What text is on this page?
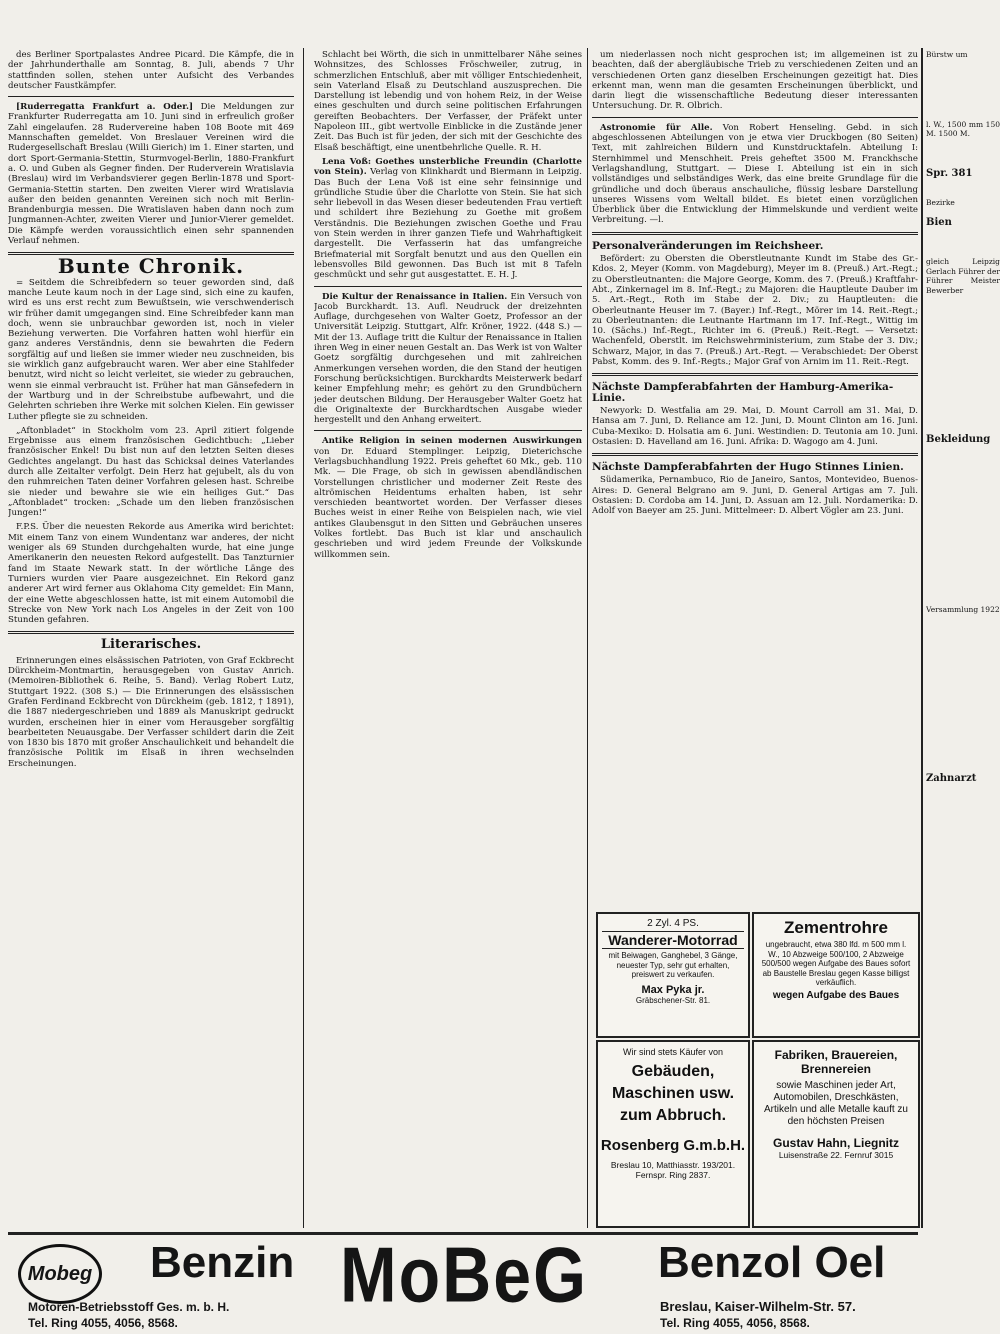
des Berliner Sportpalastes Andree Picard. Die Kämpfe, die in der Jahrhunderthalle am Sonntag, 8. Juli, abends 7 Uhr stattfinden sollen, stehen unter Aufsicht des Verbandes deutscher Faustkämpfer.

[Ruderregatta Frankfurt a. Oder.] Die Meldungen zur Frankfurter Ruderregatta am 10. Juni sind in erfreulich großer Zahl eingelaufen. 28 Rudervereine haben 108 Boote mit 469 Mannschaften gemeldet. Von Breslauer Vereinen wird die Rudergesellschaft Breslau (Willi Gierich) im 1. Einer starten, und dort Sport-Germania-Stettin, Sturmvogel-Berlin, 1880-Frankfurt a. O. und Guben als Gegner finden. Der Ruderverein Wratislavia (Breslau) wird im Verbandsvierer gegen Berlin-1878 und Sport-Germania-Stettin starten. Den zweiten Vierer wird Wratislavia außer den beiden genannten Vereinen sich noch mit Berlin-Brandenburgia messen. Die Wratislaven haben dann noch zum Jungmannen-Achter, zweiten Vierer und Junior-Vierer gemeldet. Die Kämpfe werden voraussichtlich einen sehr spannenden Verlauf nehmen.

Bunte Chronik.

= Seitdem die Schreibfedern so teuer geworden sind, daß manche Leute kaum noch in der Lage sind, sich eine zu kaufen, wird es uns erst recht zum Bewußtsein, wie verschwenderisch wir früher damit umgegangen sind. Eine Schreibfeder kann man doch, wenn sie unbrauchbar geworden ist, noch in vieler Beziehung verwerten. Die Vorfahren hatten wohl hierfür ein ganz anderes Verständnis, denn sie bewahrten die Federn sorgfältig auf und ließen sie immer wieder neu zuschneiden, bis sie wirklich ganz aufgebraucht waren. Wer aber eine Stahlfeder benutzt, wird nicht so leicht verleitet, sie wieder zu gebrauchen, wenn sie einmal verbraucht ist. Früher hat man Gänsefedern in der Wartburg und in der Schreibstube aufbewahrt, und die Gelehrten schrieben ihre Werke mit solchen Kielen. Ein gewisser Luther pflegte sie zu schneiden.

„Aftonbladet“ in Stockholm vom 23. April zitiert folgende Ergebnisse aus einem französischen Gedichtbuch: „Lieber französischer Enkel! Du bist nun auf den letzten Seiten dieses Gedichtes angelangt. Du hast das Schicksal deines Vaterlandes durch alle Zeitalter verfolgt. Dein Herz hat gejubelt, als du von den ruhmreichen Taten deiner Vorfahren gelesen hast. Schreibe sie nieder und bewahre sie wie ein heiliges Gut.“ Das „Aftonbladet“ trocken: „Schade um den lieben französischen Jungen!“

F.P.S. Über die neuesten Rekorde aus Amerika wird berichtet: Mit einem Tanz von einem Wundentanz war anderes, der nicht weniger als 69 Stunden durchgehalten wurde, hat eine junge Amerikanerin den neuesten Rekord aufgestellt. Das Tanzturnier fand im Staate Newark statt. In der wörtliche Länge des Turniers wurden vier Paare ausgezeichnet. Ein Rekord ganz anderer Art wird ferner aus Oklahoma City gemeldet: Ein Mann, der eine Wette abgeschlossen hatte, ist mit einem Automobil die Strecke von New York nach Los Angeles in der Zeit von 100 Stunden gefahren.

Literarisches.

Erinnerungen eines elsässischen Patrioten, von Graf Eckbrecht Dürckheim-Montmartin, herausgegeben von Gustav Anrich. (Memoiren-Bibliothek 6. Reihe, 5. Band). Verlag Robert Lutz, Stuttgart 1922. (308 S.) — Die Erinnerungen des elsässischen Grafen Ferdinand Eckbrecht von Dürckheim (geb. 1812, † 1891), die 1887 niedergeschrieben und 1889 als Manuskript gedruckt wurden, erscheinen hier in einer vom Herausgeber sorgfältig bearbeiteten Neuausgabe. Der Verfasser schildert darin die Zeit von 1830 bis 1870 mit großer Anschaulichkeit und behandelt die französische Politik im Elsaß in ihren wechselnden Erscheinungen.

Schlacht bei Wörth, die sich in unmittelbarer Nähe seines Wohnsitzes, des Schlosses Fröschweiler, zutrug, in schmerzlichen Entschluß, aber mit völliger Entschiedenheit, sein Vaterland Elsaß zu Deutschland auszusprechen. Die Darstellung ist lebendig und von hohem Reiz, in der Weise eines geschulten und durch seine politischen Erfahrungen gereiften Beobachters. Der Verfasser, der Präfekt unter Napoleon III., gibt wertvolle Einblicke in die Zustände jener Zeit. Das Buch ist für jeden, der sich mit der Geschichte des Elsaß beschäftigt, eine unentbehrliche Quelle. R. H.

Lena Voß: Goethes unsterbliche Freundin (Charlotte von Stein). Verlag von Klinkhardt und Biermann in Leipzig. Das Buch der Lena Voß ist eine sehr feinsinnige und gründliche Studie über die Charlotte von Stein. Sie hat sich sehr liebevoll in das Wesen dieser bedeutenden Frau vertieft und schildert ihre Beziehung zu Goethe mit großem Verständnis. Die Beziehungen zwischen Goethe und Frau von Stein werden in ihrer ganzen Tiefe und Wahrhaftigkeit dargestellt. Die Verfasserin hat das umfangreiche Briefmaterial mit Sorgfalt benutzt und aus den Quellen ein lebensvolles Bild gewonnen. Das Buch ist mit 8 Tafeln geschmückt und sehr gut ausgestattet. E. H. J.

Die Kultur der Renaissance in Italien. Ein Versuch von Jacob Burckhardt. 13. Aufl. Neudruck der dreizehnten Auflage, durchgesehen von Walter Goetz, Professor an der Universität Leipzig. Stuttgart, Alfr. Kröner, 1922. (448 S.) — Mit der 13. Auflage tritt die Kultur der Renaissance in Italien ihren Weg in einer neuen Gestalt an. Das Werk ist von Walter Goetz sorgfältig durchgesehen und mit zahlreichen Anmerkungen versehen worden, die den Stand der heutigen Forschung berücksichtigen. Burckhardts Meisterwerk bedarf keiner Empfehlung mehr; es gehört zu den Grundbüchern jeder deutschen Bildung. Der Herausgeber Walter Goetz hat die Originaltexte der Burckhardtschen Ausgabe wieder hergestellt und den Anhang erweitert.

Antike Religion in seinen modernen Auswirkungen von Dr. Eduard Stemplinger. Leipzig, Dieterichsche Verlagsbuchhandlung 1922. Preis geheftet 60 Mk., geb. 110 Mk. — Die Frage, ob sich in gewissen abendländischen Vorstellungen christlicher und moderner Zeit Reste des altrömischen Heidentums erhalten haben, ist sehr verschieden beantwortet worden. Der Verfasser dieses Buches weist in einer Reihe von Beispielen nach, wie viel antikes Glaubensgut in den Sitten und Gebräuchen unseres Volkes fortlebt. Das Buch ist klar und anschaulich geschrieben und wird jedem Freunde der Volkskunde willkommen sein.

um niederlassen noch nicht gesprochen ist; im allgemeinen ist zu beachten, daß der abergläubische Trieb zu verschiedenen Zeiten und an verschiedenen Orten ganz dieselben Erscheinungen gezeitigt hat. Dies erkennt man, wenn man die gesamten Erscheinungen überblickt, und darin liegt die wissenschaftliche Bedeutung dieser interessanten Untersuchung. Dr. R. Olbrich.

Astronomie für Alle. Von Robert Henseling. Gebd. in sich abgeschlossenen Abteilungen von je etwa vier Druckbogen (80 Seiten) Text, mit zahlreichen Bildern und Kunstdrucktafeln. Abteilung I: Sternhimmel und Menschheit. Preis geheftet 3500 M. Franckhsche Verlagshandlung, Stuttgart. — Diese I. Abteilung ist ein in sich vollständiges und selbständiges Werk, das eine breite Grundlage für die gründliche und doch überaus anschauliche, flüssig lesbare Darstellung unseres Wissens vom Weltall bildet. Es bietet einen vorzüglichen Überblick über die Entwicklung der Himmelskunde und verdient weite Verbreitung. —l.

Personalveränderungen im Reichsheer.

Befördert: zu Obersten die Oberstleutnante Kundt im Stabe des Gr.-Kdos. 2, Meyer (Komm. von Magdeburg), Meyer im 8. (Preuß.) Art.-Regt.; zu Oberstleutnanten: die Majore George, Komm. des 7. (Preuß.) Kraftfahr-Abt., Zinkernagel im 8. Inf.-Regt.; zu Majoren: die Hauptleute Dauber im 5. Art.-Regt., Roth im Stabe der 2. Div.; zu Hauptleuten: die Oberleutnante Heuser im 7. (Bayer.) Inf.-Regt., Mörer im 14. Reit.-Regt.; zu Oberleutnanten: die Leutnante Hartmann im 17. Inf.-Regt., Wittig im 10. (Sächs.) Inf.-Regt., Richter im 6. (Preuß.) Reit.-Regt. — Versetzt: Wachenfeld, Oberstlt. im Reichswehrministerium, zum Stabe der 3. Div.; Schwarz, Major, in das 7. (Preuß.) Art.-Regt. — Verabschiedet: Der Oberst Pabst, Komm. des 9. Inf.-Regts.; Major Graf von Arnim im 11. Reit.-Regt.

Nächste Dampferabfahrten der Hamburg-Amerika-Linie.

Newyork: D. Westfalia am 29. Mai, D. Mount Carroll am 31. Mai, D. Hansa am 7. Juni, D. Reliance am 12. Juni, D. Mount Clinton am 16. Juni. Cuba-Mexiko: D. Holsatia am 6. Juni. Westindien: D. Teutonia am 10. Juni. Ostasien: D. Havelland am 16. Juni. Afrika: D. Wagogo am 4. Juni.

Nächste Dampferabfahrten der Hugo Stinnes Linien.

Südamerika, Pernambuco, Rio de Janeiro, Santos, Montevideo, Buenos-Aires: D. General Belgrano am 9. Juni, D. General Artigas am 7. Juli. Ostasien: D. Cordoba am 14. Juni, D. Assuan am 12. Juli. Nordamerika: D. Adolf von Baeyer am 25. Juni. Mittelmeer: D. Albert Vögler am 23. Juni.

2 Zyl. 4 PS.
Wanderer-Motorrad
mit Beiwagen, Ganghebel, 3 Gänge, neuester Typ, sehr gut erhalten, preiswert zu verkaufen.
Max Pyka jr.
Gräbschener-Str. 81.
Zementrohre
ungebraucht, etwa 380 lfd. m 500 mm l. W., 10 Abzweige 500/100, 2 Abzweige 500/500 wegen Aufgabe des Baues sofort ab Baustelle Breslau gegen Kasse billigst verkäuflich.
wegen Aufgabe des Baues
Wir sind stets Käufer von
Gebäuden, Maschinen usw. zum Abbruch.
Rosenberg G.m.b.H.
Breslau 10, Matthiasstr. 193/201. Fernspr. Ring 2837.
Fabriken, Brauereien, Brennereien
sowie Maschinen jeder Art, Automobilen, Dreschkästen, Artikeln und alle Metalle kauft zu den höchsten Preisen
Gustav Hahn, Liegnitz
Luisenstraße 22. Fernruf 3015
Bürstw um
l. W., 1500 mm 150 M. 1500 M.
Spr. 381
Bezirke
Bien
gleich Leipzig Gerlach Führer der Führer Meister Bewerber
Bekleidung
Versammlung 1922
Zahnarzt
Mobeg Benzin
Motoren-Betriebsstoff Ges. m. b. H.
Tel. Ring 4055, 4056, 8568.
MoBeG	Benzol Oel
Breslau, Kaiser-Wilhelm-Str. 57.
Tel. Ring 4055, 4056, 8568.
